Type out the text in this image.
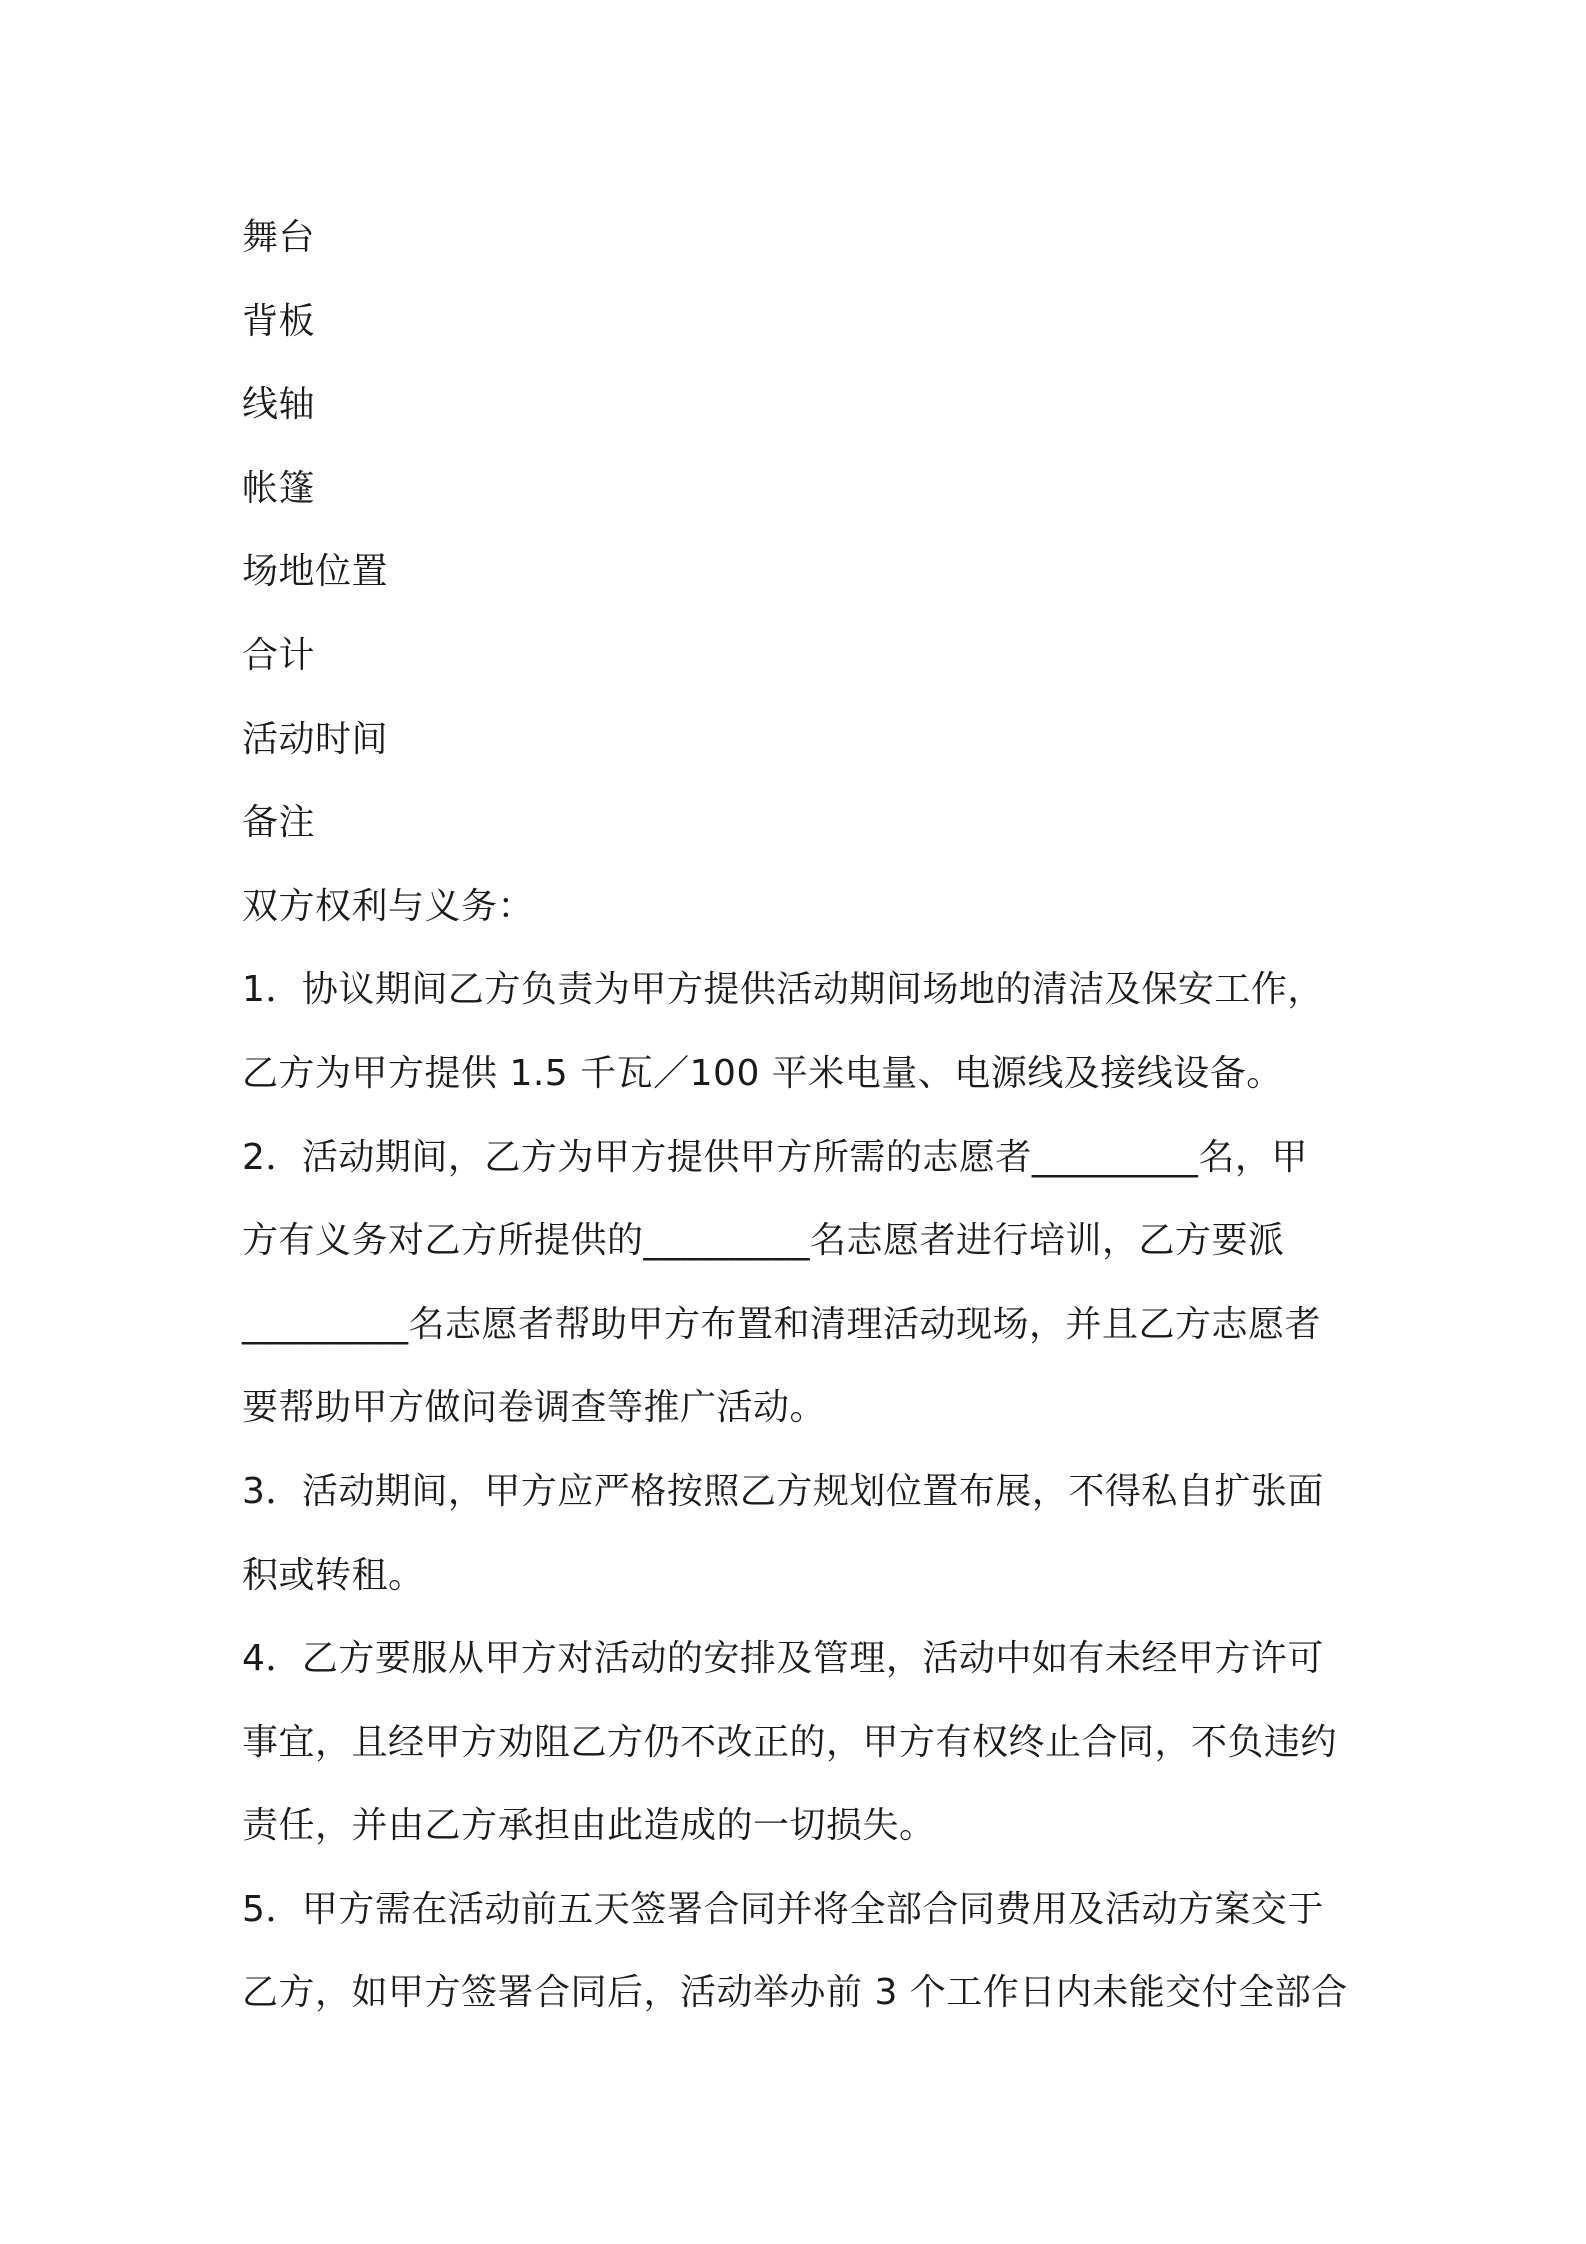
舞台
背板
线轴
帐篷
场地位置
合计
活动时间
备注
双方权利与义务：
1．协议期间乙方负责为甲方提供活动期间场地的清洁及保安工作，
乙方为甲方提供 1.5 千瓦／100 平米电量、电源线及接线设备。
2．活动期间，乙方为甲方提供甲方所需的志愿者_________名，甲
方有义务对乙方所提供的_________名志愿者进行培训，乙方要派
_________名志愿者帮助甲方布置和清理活动现场，并且乙方志愿者
要帮助甲方做问卷调查等推广活动。
3．活动期间，甲方应严格按照乙方规划位置布展，不得私自扩张面
积或转租。
4．乙方要服从甲方对活动的安排及管理，活动中如有未经甲方许可
事宜，且经甲方劝阻乙方仍不改正的，甲方有权终止合同，不负违约
责任，并由乙方承担由此造成的一切损失。
5．甲方需在活动前五天签署合同并将全部合同费用及活动方案交于
乙方，如甲方签署合同后，活动举办前 3 个工作日内未能交付全部合
